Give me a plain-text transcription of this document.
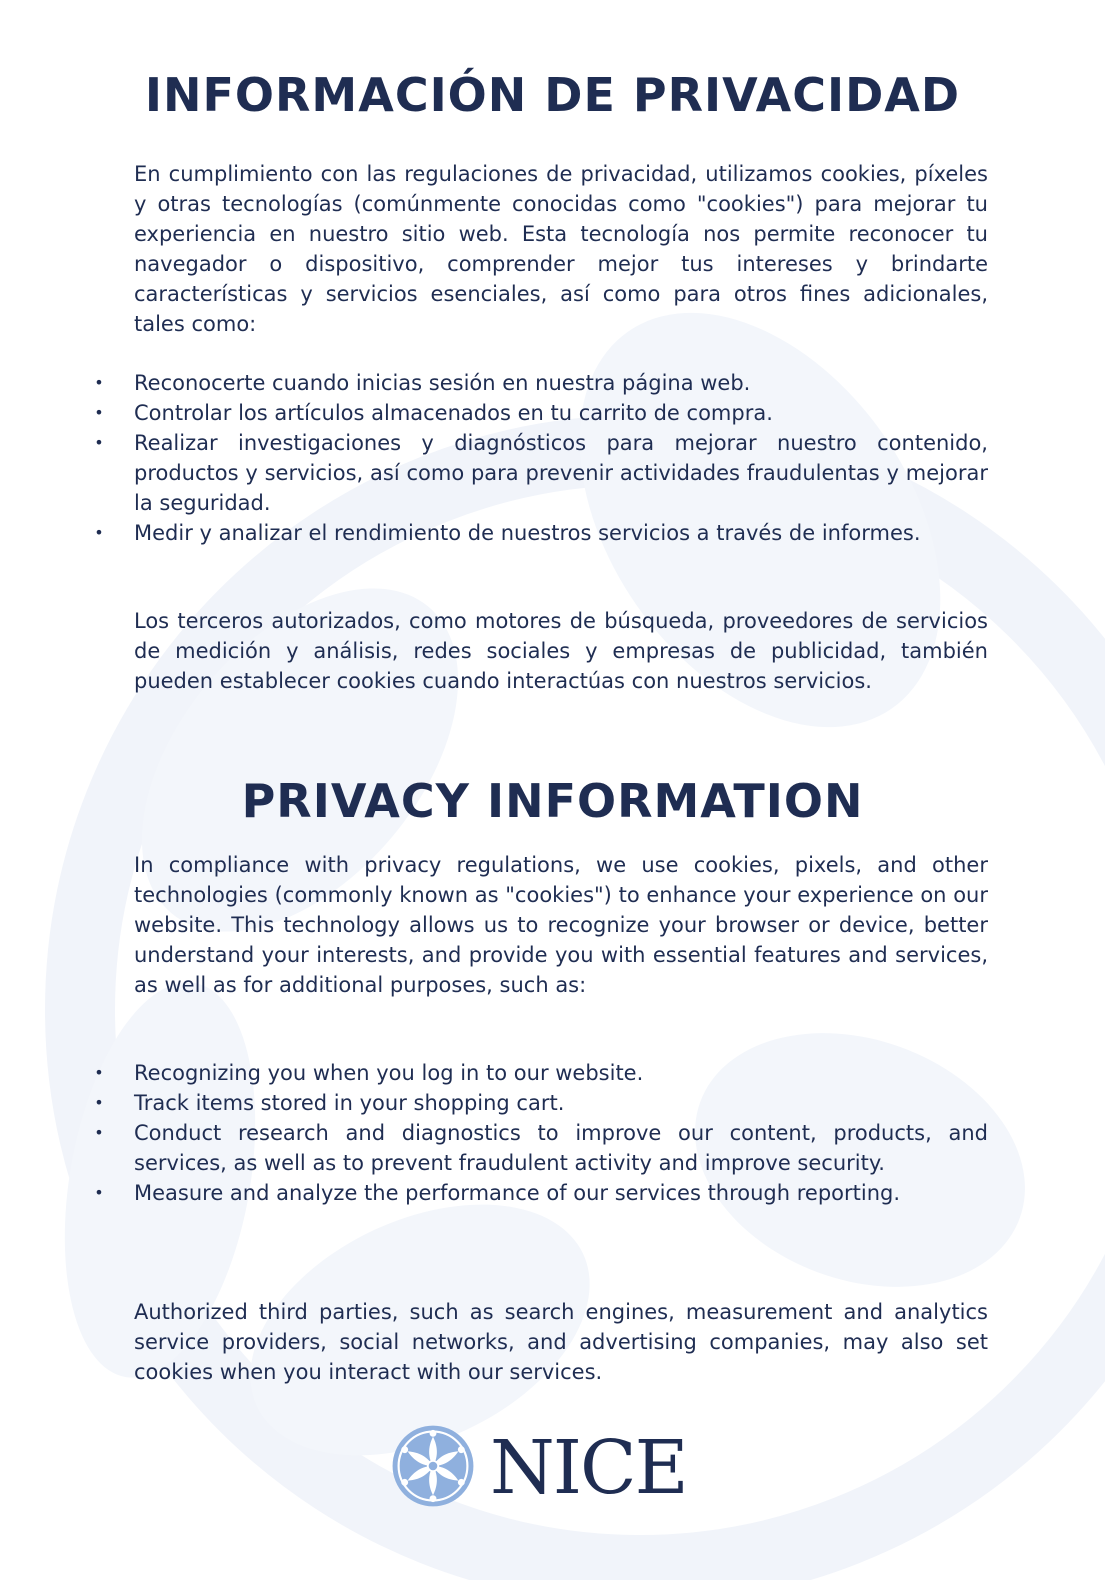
INFORMACIÓN DE PRIVACIDAD

En cumplimiento con las regulaciones de privacidad, utilizamos cookies, píxeles y otras tecnologías (comúnmente conocidas como "cookies") para mejorar tu experiencia en nuestro sitio web. Esta tecnología nos permite reconocer tu navegador o dispositivo, comprender mejor tus intereses y brindarte características y servicios esenciales, así como para otros fines adicionales, tales como:

• Reconocerte cuando inicias sesión en nuestra página web.
• Controlar los artículos almacenados en tu carrito de compra.
• Realizar investigaciones y diagnósticos para mejorar nuestro contenido, productos y servicios, así como para prevenir actividades fraudulentas y mejorar la seguridad.
• Medir y analizar el rendimiento de nuestros servicios a través de informes.

Los terceros autorizados, como motores de búsqueda, proveedores de servicios de medición y análisis, redes sociales y empresas de publicidad, también pueden establecer cookies cuando interactúas con nuestros servicios.

PRIVACY INFORMATION

In compliance with privacy regulations, we use cookies, pixels, and other technologies (commonly known as "cookies") to enhance your experience on our website. This technology allows us to recognize your browser or device, better understand your interests, and provide you with essential features and services, as well as for additional purposes, such as:

• Recognizing you when you log in to our website.
• Track items stored in your shopping cart.
• Conduct research and diagnostics to improve our content, products, and services, as well as to prevent fraudulent activity and improve security.
• Measure and analyze the performance of our services through reporting.

Authorized third parties, such as search engines, measurement and analytics service providers, social networks, and advertising companies, may also set cookies when you interact with our services.

NICE
